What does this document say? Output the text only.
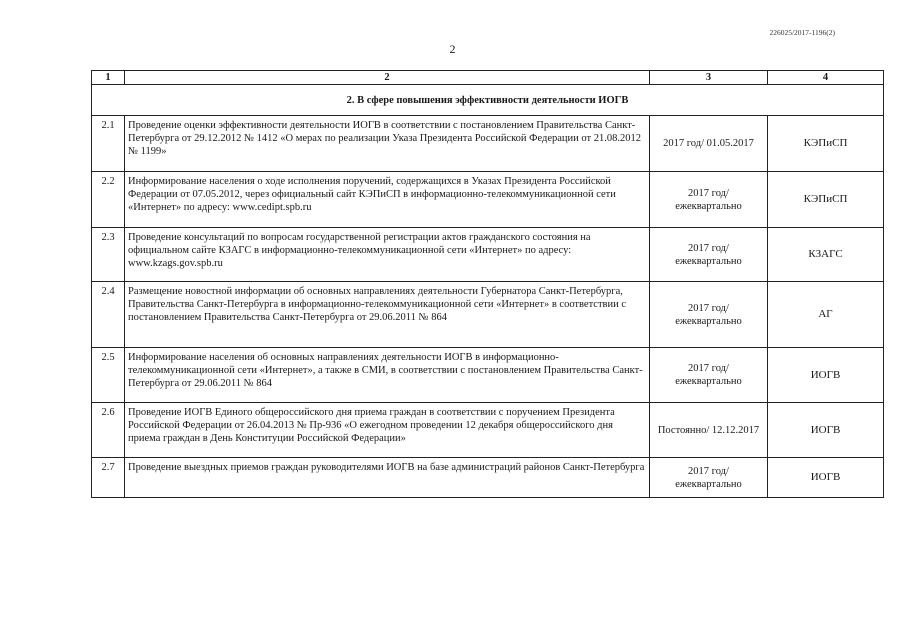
226025/2017-1196(2)
2
1	2	3	4
2. В сфере повышения эффективности деятельности ИОГВ			
2.1	Проведение оценки эффективности деятельности ИОГВ в соответствии с постановлением Правительства Санкт-Петербурга от 29.12.2012 № 1412 «О мерах по реализации Указа Президента Российской Федерации от 21.08.2012 № 1199»	2017 год/ 01.05.2017	КЭПиСП
2.2	Информирование населения о ходе исполнения поручений, содержащихся в Указах Президента Российской Федерации от 07.05.2012, через официальный сайт КЭПиСП в информационно-телекоммуникационной сети «Интернет» по адресу: www.cedipt.spb.ru	2017 год/ ежеквартально	КЭПиСП
2.3	Проведение консультаций по вопросам государственной регистрации актов гражданского состояния на официальном сайте КЗАГС в информационно-телекоммуникационной сети «Интернет» по адресу: www.kzags.gov.spb.ru	2017 год/ ежеквартально	КЗАГС
2.4	Размещение новостной информации об основных направлениях деятельности Губернатора Санкт-Петербурга, Правительства Санкт-Петербурга в информационно-телекоммуникационной сети «Интернет» в соответствии с постановлением Правительства Санкт-Петербурга от 29.06.2011 № 864	2017 год/ ежеквартально	АГ
2.5	Информирование населения об основных направлениях деятельности ИОГВ в информационно-телекоммуникационной сети «Интернет», а также в СМИ, в соответствии с постановлением Правительства Санкт-Петербурга от 29.06.2011 № 864	2017 год/ ежеквартально	ИОГВ
2.6	Проведение ИОГВ Единого общероссийского дня приема граждан в соответствии с поручением Президента Российской Федерации от 26.04.2013 № Пр-936 «О ежегодном проведении 12 декабря общероссийского дня приема граждан в День Конституции Российской Федерации»	Постоянно/ 12.12.2017	ИОГВ
2.7	Проведение выездных приемов граждан руководителями ИОГВ на базе администраций районов Санкт-Петербурга	2017 год/ ежеквартально	ИОГВ
